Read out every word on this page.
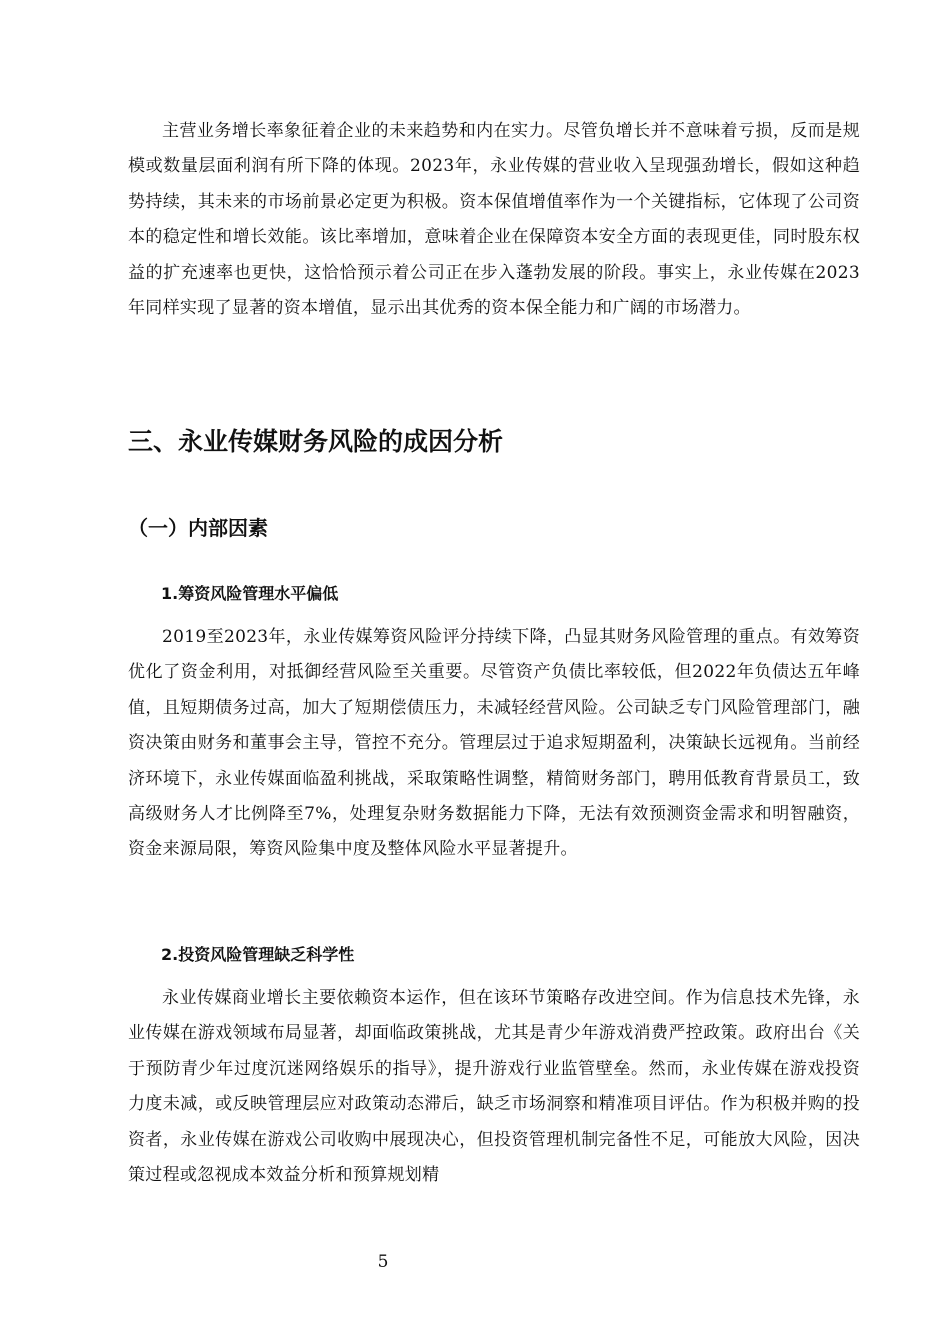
主营业务增长率象征着企业的未来趋势和内在实力。尽管负增长并不意味着亏损，反而是规模或数量层面利润有所下降的体现。2023年，永业传媒的营业收入呈现强劲增长，假如这种趋势持续，其未来的市场前景必定更为积极。资本保值增值率作为一个关键指标，它体现了公司资本的稳定性和增长效能。该比率增加，意味着企业在保障资本安全方面的表现更佳，同时股东权益的扩充速率也更快，这恰恰预示着公司正在步入蓬勃发展的阶段。事实上，永业传媒在2023年同样实现了显著的资本增值，显示出其优秀的资本保全能力和广阔的市场潜力。

三、永业传媒财务风险的成因分析
（一）内部因素
1.筹资风险管理水平偏低

2019至2023年，永业传媒筹资风险评分持续下降，凸显其财务风险管理的重点。有效筹资优化了资金利用，对抵御经营风险至关重要。尽管资产负债比率较低，但2022年负债达五年峰值，且短期债务过高，加大了短期偿债压力，未减轻经营风险。公司缺乏专门风险管理部门，融资决策由财务和董事会主导，管控不充分。管理层过于追求短期盈利，决策缺长远视角。当前经济环境下，永业传媒面临盈利挑战，采取策略性调整，精简财务部门，聘用低教育背景员工，致高级财务人才比例降至7%，处理复杂财务数据能力下降，无法有效预测资金需求和明智融资，资金来源局限，筹资风险集中度及整体风险水平显著提升。

2.投资风险管理缺乏科学性

永业传媒商业增长主要依赖资本运作，但在该环节策略存改进空间。作为信息技术先锋，永业传媒在游戏领域布局显著，却面临政策挑战，尤其是青少年游戏消费严控政策。政府出台《关于预防青少年过度沉迷网络娱乐的指导》，提升游戏行业监管壁垒。然而，永业传媒在游戏投资力度未减，或反映管理层应对政策动态滞后，缺乏市场洞察和精准项目评估。作为积极并购的投资者，永业传媒在游戏公司收购中展现决心，但投资管理机制完备性不足，可能放大风险，因决策过程或忽视成本效益分析和预算规划精

5
